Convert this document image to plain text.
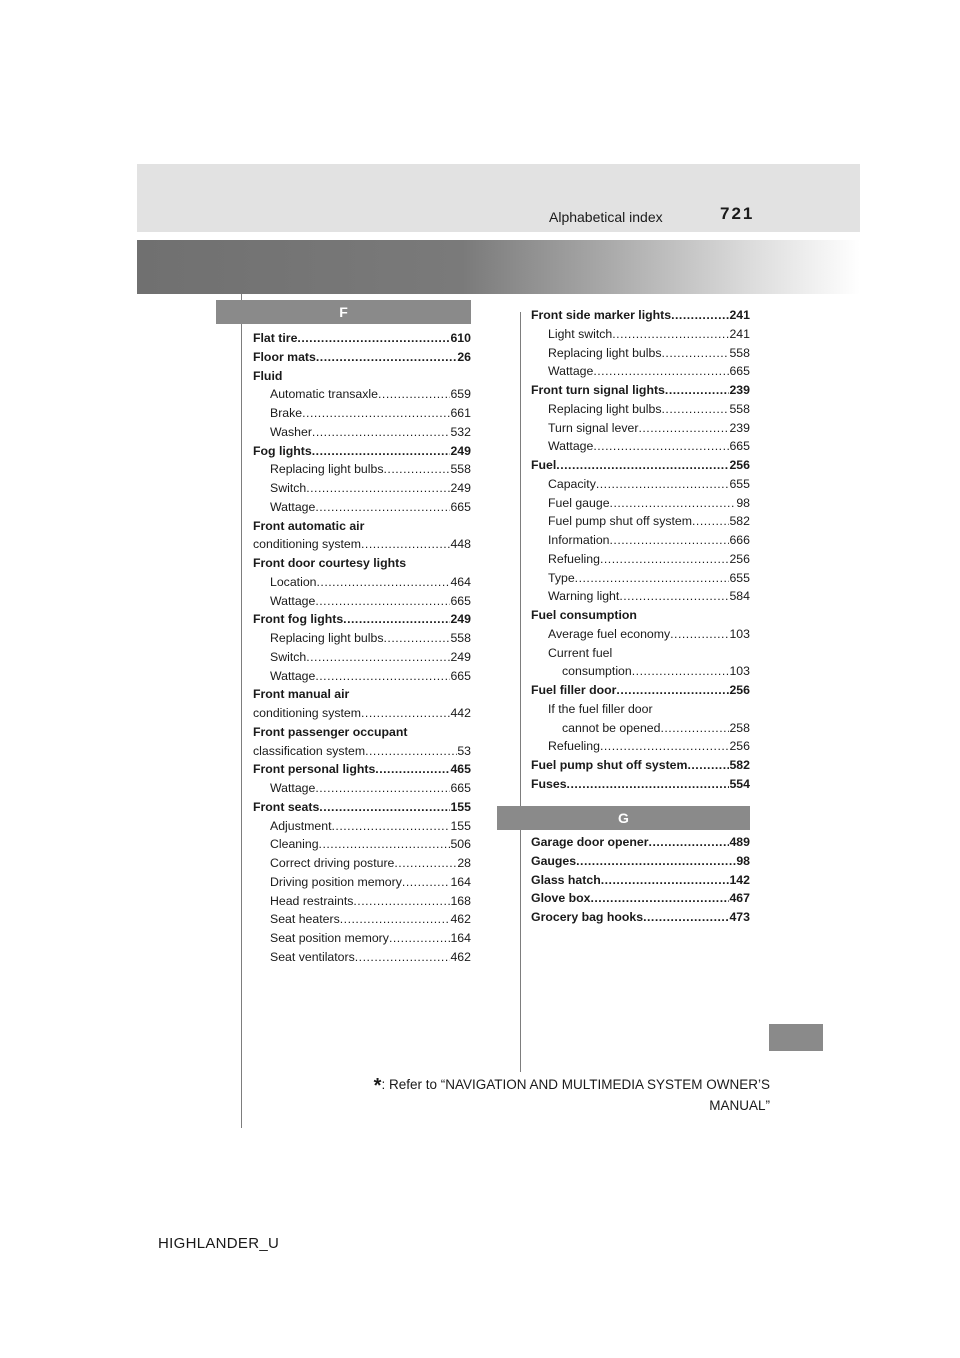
Alphabetical index	721
F
Flat tire .....	610
Floor mats .....	26
Fluid
Automatic transaxle .....	659
Brake .....	661
Washer .....	532
Fog lights .....	249
Replacing light bulbs .....	558
Switch .....	249
Wattage .....	665
Front automatic air
conditioning system .....	448
Front door courtesy lights
Location .....	464
Wattage .....	665
Front fog lights .....	249
Replacing light bulbs .....	558
Switch .....	249
Wattage .....	665
Front manual air
conditioning system .....	442
Front passenger occupant
classification system .....	53
Front personal lights .....	465
Wattage .....	665
Front seats .....	155
Adjustment .....	155
Cleaning .....	506
Correct driving posture .....	28
Driving position memory .....	164
Head restraints .....	168
Seat heaters .....	462
Seat position memory .....	164
Seat ventilators .....	462
Front side marker lights .....	241
Light switch .....	241
Replacing light bulbs .....	558
Wattage .....	665
Front turn signal lights .....	239
Replacing light bulbs .....	558
Turn signal lever .....	239
Wattage .....	665
Fuel .....	256
Capacity .....	655
Fuel gauge .....	98
Fuel pump shut off system .....	582
Information .....	666
Refueling .....	256
Type .....	655
Warning light .....	584
Fuel consumption
Average fuel economy .....	103
Current fuel
consumption .....	103
Fuel filler door .....	256
If the fuel filler door
cannot be opened .....	258
Refueling .....	256
Fuel pump shut off system .....	582
Fuses .....	554
G
Garage door opener .....	489
Gauges .....	98
Glass hatch .....	142
Glove box .....	467
Grocery bag hooks .....	473
*: Refer to “NAVIGATION AND MULTIMEDIA SYSTEM OWNER’S
MANUAL”
HIGHLANDER_U
